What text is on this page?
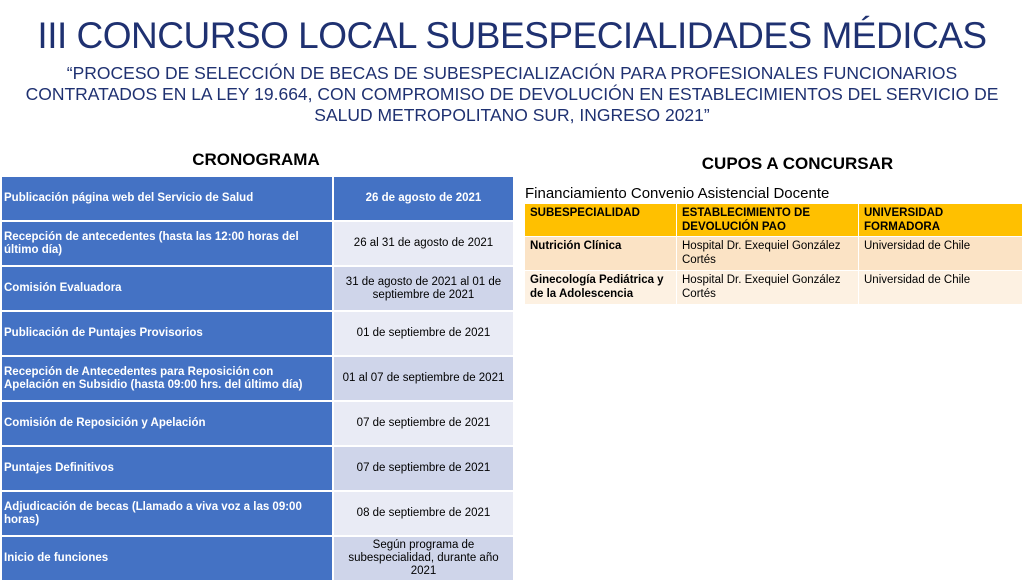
III CONCURSO LOCAL SUBESPECIALIDADES MÉDICAS
“PROCESO DE SELECCIÓN DE BECAS DE SUBESPECIALIZACIÓN PARA PROFESIONALES FUNCIONARIOS CONTRATADOS EN LA LEY 19.664, CON COMPROMISO DE DEVOLUCIÓN EN ESTABLECIMIENTOS DEL SERVICIO DE SALUD METROPOLITANO SUR, INGRESO 2021”
CRONOGRAMA	CUPOS A CONCURSAR
Publicación página web del Servicio de Salud	26 de agosto de 2021
Recepción de antecedentes (hasta las 12:00 horas del último día)	26 al 31 de agosto de 2021
Comisión Evaluadora	31 de agosto de 2021 al 01 de septiembre de 2021
Publicación de Puntajes Provisorios	01 de septiembre de 2021
Recepción de Antecedentes para Reposición con Apelación en Subsidio (hasta 09:00 hrs. del último día)	01 al 07 de septiembre de 2021
Comisión de Reposición y Apelación	07 de septiembre de 2021
Puntajes Definitivos	07 de septiembre de 2021
Adjudicación de becas (Llamado a viva voz a las 09:00 horas)	08 de septiembre de 2021
Inicio de funciones	Según programa de subespecialidad, durante año 2021
Financiamiento Convenio Asistencial Docente
SUBESPECIALIDAD	ESTABLECIMIENTO DE DEVOLUCIÓN PAO	UNIVERSIDAD FORMADORA
Nutrición Clínica	Hospital Dr. Exequiel González Cortés	Universidad de Chile
Ginecología Pediátrica y de la Adolescencia	Hospital Dr. Exequiel González Cortés	Universidad de Chile
